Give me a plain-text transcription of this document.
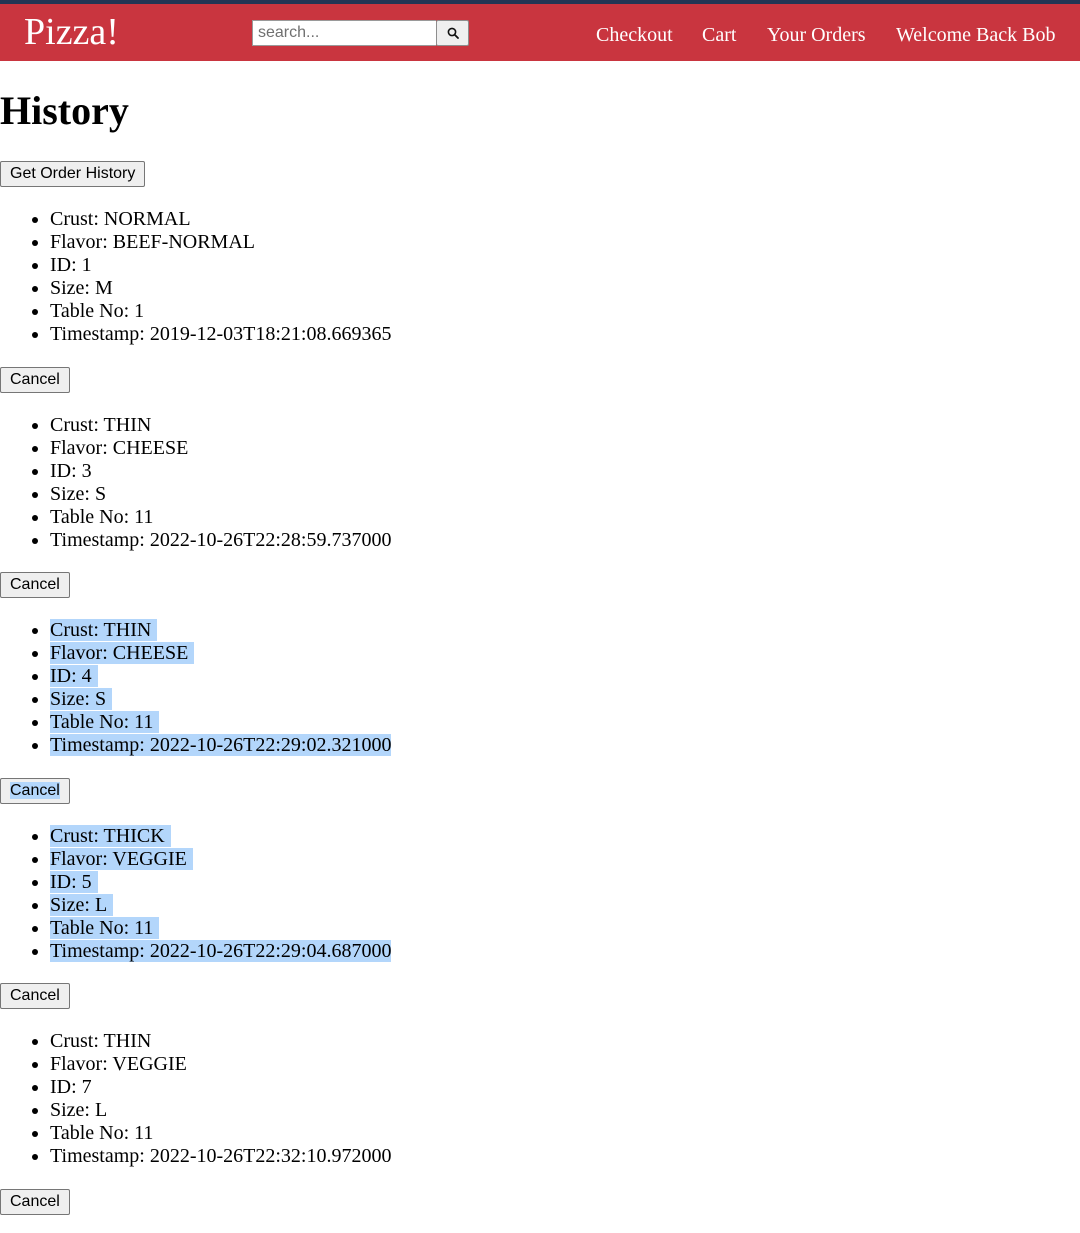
Pizza!
search...	Checkout Cart Your Orders Welcome Back Bob
History
Get Order History
• Crust: NORMAL
• Flavor: BEEF-NORMAL
• ID: 1
• Size: M
• Table No: 1
• Timestamp: 2019-12-03T18:21:08.669365
Cancel
• Crust: THIN
• Flavor: CHEESE
• ID: 3
• Size: S
• Table No: 11
• Timestamp: 2022-10-26T22:28:59.737000
Cancel
• Crust: THIN
• Flavor: CHEESE
• ID: 4
• Size: S
• Table No: 11
• Timestamp: 2022-10-26T22:29:02.321000
Cancel
• Crust: THICK
• Flavor: VEGGIE
• ID: 5
• Size: L
• Table No: 11
• Timestamp: 2022-10-26T22:29:04.687000
Cancel
• Crust: THIN
• Flavor: VEGGIE
• ID: 7
• Size: L
• Table No: 11
• Timestamp: 2022-10-26T22:32:10.972000
Cancel
